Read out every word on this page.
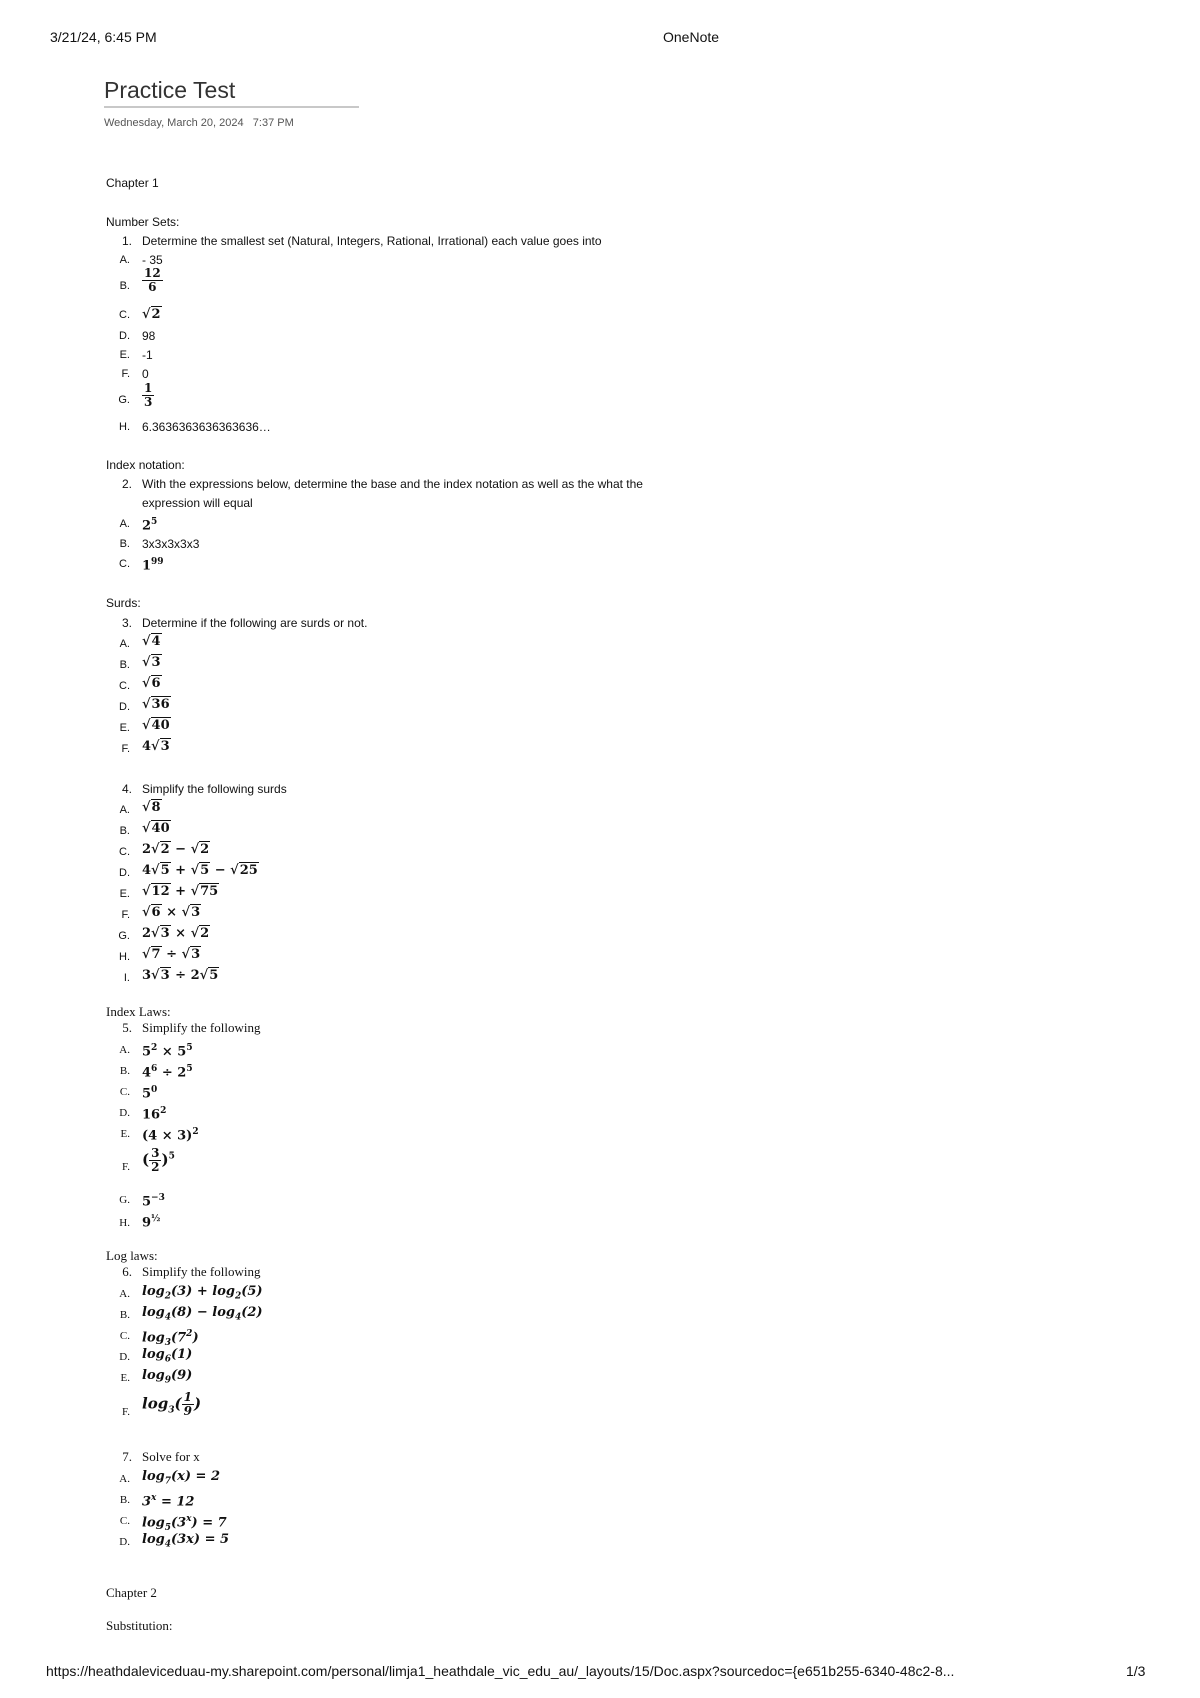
3/21/24, 6:45 PM	OneNote
Practice Test
Wednesday, March 20, 2024 7:37 PM
Chapter 1
Number Sets:
1. Determine the smallest set (Natural, Integers, Rational, Irrational) each value goes into
A. - 35
B. $\frac{12}{6}$
C. √2
D. 98
E. -1
F. 0
G. $\frac{1}{3}$
H. 6.3636363636363636…
Index notation:
2. With the expressions below, determine the base and the index notation as well as the what the
expression will equal
A. $2^5$
B. 3x3x3x3x3
C. $1^{99}$
Surds:
3. Determine if the following are surds or not.
A. √4
B. √3
C. √6
D. √36
E. √40
F. 4√3
4. Simplify the following surds
A. √8
B. √40
C. 2√2 − √2
D. 4√5 + √5 − √25
E. √12 + √75
F. √6 × √3
G. 2√3 × √2
H. √7 ÷ √3
I. 3√3 ÷ 2√5
Index Laws:
5. Simplify the following
A. $5^2 \times 5^5$
B. $4^6 \div 2^5$
C. $5^0$
D. $16^2$
E. $(4 \times 3)^2$
F. ( $\frac{3}{2} )^5$
G. $5^{-3}$
H. $9^{\frac{1}{2}}$
Log laws:
6. Simplify the following
A. $\log_2(3) + \log_2(5)$
B. $\log_4(8) - \log_4(2)$
C. $\log_3(7^2)$
D. $\log_6(1)$
E. $\log_9(9)$
F. $\log_3( \frac{1}{9}$ )
7. Solve for x
A. $\log_7(x) = 2$
B. $3^x = 12$
C. $\log_5(3^x) = 7$
D. $\log_4(3x) = 5$
Chapter 2
Substitution:
https://heathdaleviceduau-my.sharepoint.com/personal/limja1_heathdale_vic_edu_au/_layouts/15/Doc.aspx?sourcedoc={e651b255-6340-48c2-8...	1/3
